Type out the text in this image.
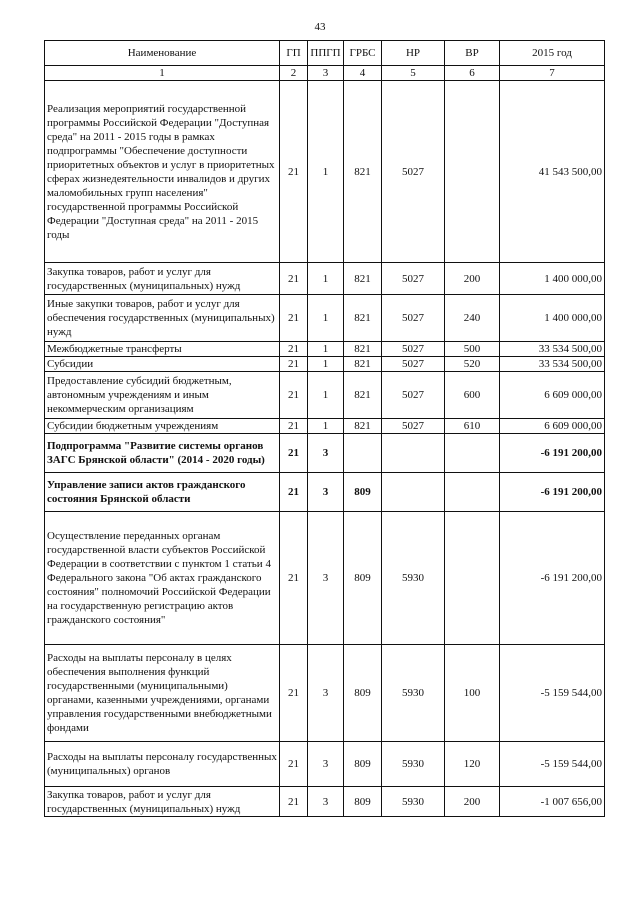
43
Наименование	ГП	ППГП	ГРБС	НР	ВР	2015 год
1	2	3	4	5	6	7
Реализация мероприятий государственной программы Российской Федерации "Доступная среда" на 2011 - 2015 годы в рамках подпрограммы "Обеспечение доступности приоритетных объектов и услуг в приоритетных сферах жизнедеятельности инвалидов и других маломобильных групп населения" государственной программы Российской Федерации "Доступная среда" на 2011 - 2015 годы	21	1	821	5027		41 543 500,00
Закупка товаров, работ и услуг для государственных (муниципальных) нужд	21	1	821	5027	200	1 400 000,00
Иные закупки товаров, работ и услуг для обеспечения государственных (муниципальных) нужд	21	1	821	5027	240	1 400 000,00
Межбюджетные трансферты	21	1	821	5027	500	33 534 500,00
Субсидии	21	1	821	5027	520	33 534 500,00
Предоставление субсидий бюджетным, автономным учреждениям и иным некоммерческим организациям	21	1	821	5027	600	6 609 000,00
Субсидии бюджетным учреждениям	21	1	821	5027	610	6 609 000,00
Подпрограмма "Развитие системы органов ЗАГС Брянской области" (2014 - 2020 годы)	21	3				-6 191 200,00
Управление записи актов гражданского состояния Брянской области	21	3	809			-6 191 200,00
Осуществление переданных органам государственной власти субъектов Российской Федерации в соответствии с пунктом 1 статьи 4 Федерального закона "Об актах гражданского состояния" полномочий Российской Федерации на государственную регистрацию актов гражданского состояния"	21	3	809	5930		-6 191 200,00
Расходы на выплаты персоналу в целях обеспечения выполнения функций государственными (муниципальными) органами, казенными учреждениями, органами управления государственными внебюджетными фондами	21	3	809	5930	100	-5 159 544,00
Расходы на выплаты персоналу государственных (муниципальных) органов	21	3	809	5930	120	-5 159 544,00
Закупка товаров, работ и услуг для государственных (муниципальных) нужд	21	3	809	5930	200	-1 007 656,00
